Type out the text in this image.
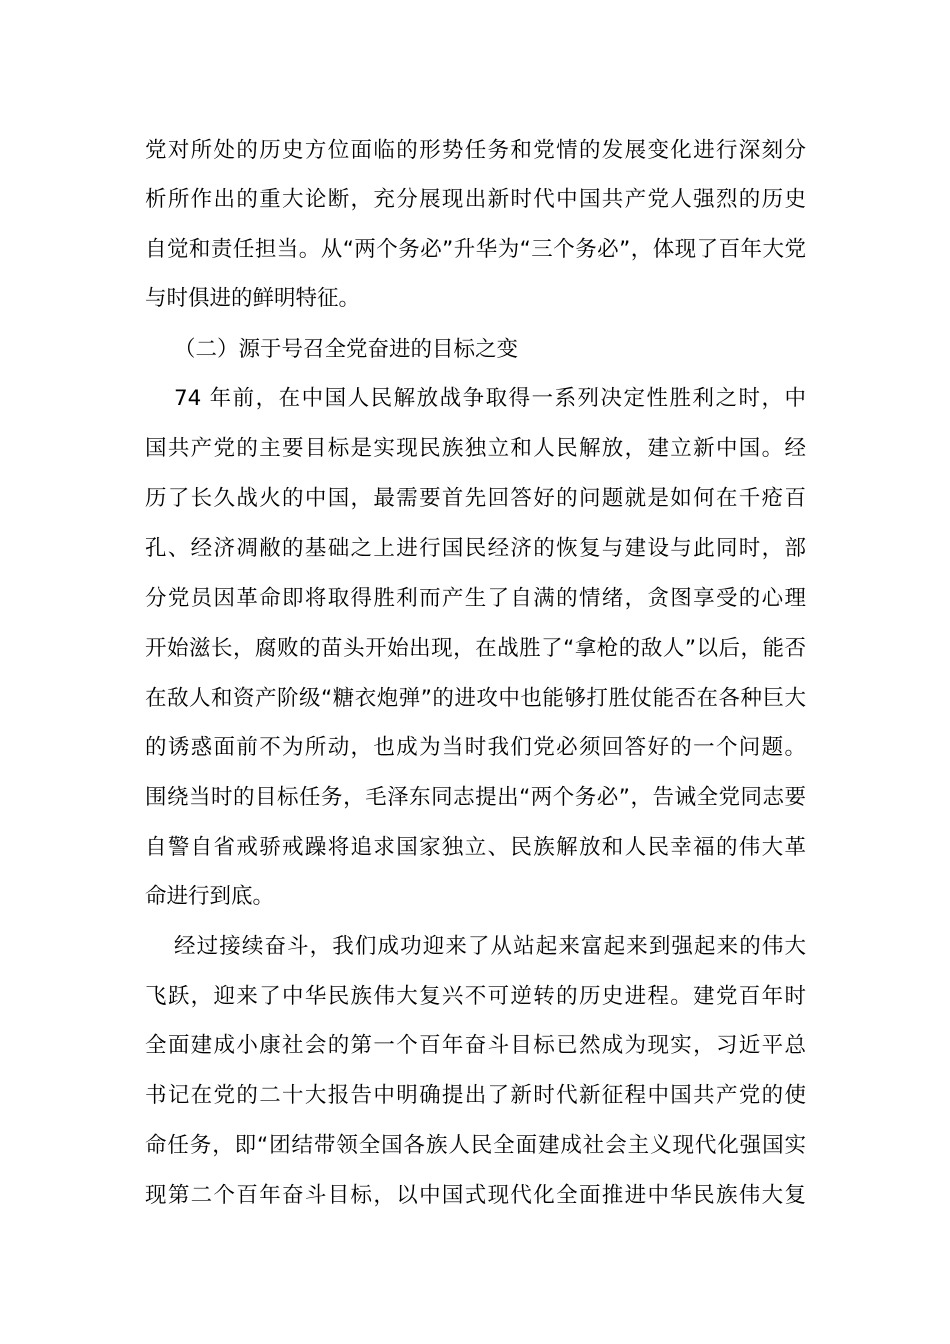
党对所处的历史方位面临的形势任务和党情的发展变化进行深刻分
析所作出的重大论断，充分展现出新时代中国共产党人强烈的历史
自觉和责任担当。从“两个务必”升华为“三个务必”，体现了百年大党
与时俱进的鲜明特征。
（二）源于号召全党奋进的目标之变
74 年前，在中国人民解放战争取得一系列决定性胜利之时，中
国共产党的主要目标是实现民族独立和人民解放，建立新中国。经
历了长久战火的中国，最需要首先回答好的问题就是如何在千疮百
孔、经济凋敝的基础之上进行国民经济的恢复与建设与此同时，部
分党员因革命即将取得胜利而产生了自满的情绪，贪图享受的心理
开始滋长，腐败的苗头开始出现，在战胜了“拿枪的敌人”以后，能否
在敌人和资产阶级“糖衣炮弹”的进攻中也能够打胜仗能否在各种巨大
的诱惑面前不为所动，也成为当时我们党必须回答好的一个问题。
围绕当时的目标任务，毛泽东同志提出“两个务必”，告诫全党同志要
自警自省戒骄戒躁将追求国家独立、民族解放和人民幸福的伟大革
命进行到底。
经过接续奋斗，我们成功迎来了从站起来富起来到强起来的伟大
飞跃，迎来了中华民族伟大复兴不可逆转的历史进程。建党百年时
全面建成小康社会的第一个百年奋斗目标已然成为现实，习近平总
书记在党的二十大报告中明确提出了新时代新征程中国共产党的使
命任务，即“团结带领全国各族人民全面建成社会主义现代化强国实
现第二个百年奋斗目标，以中国式现代化全面推进中华民族伟大复
